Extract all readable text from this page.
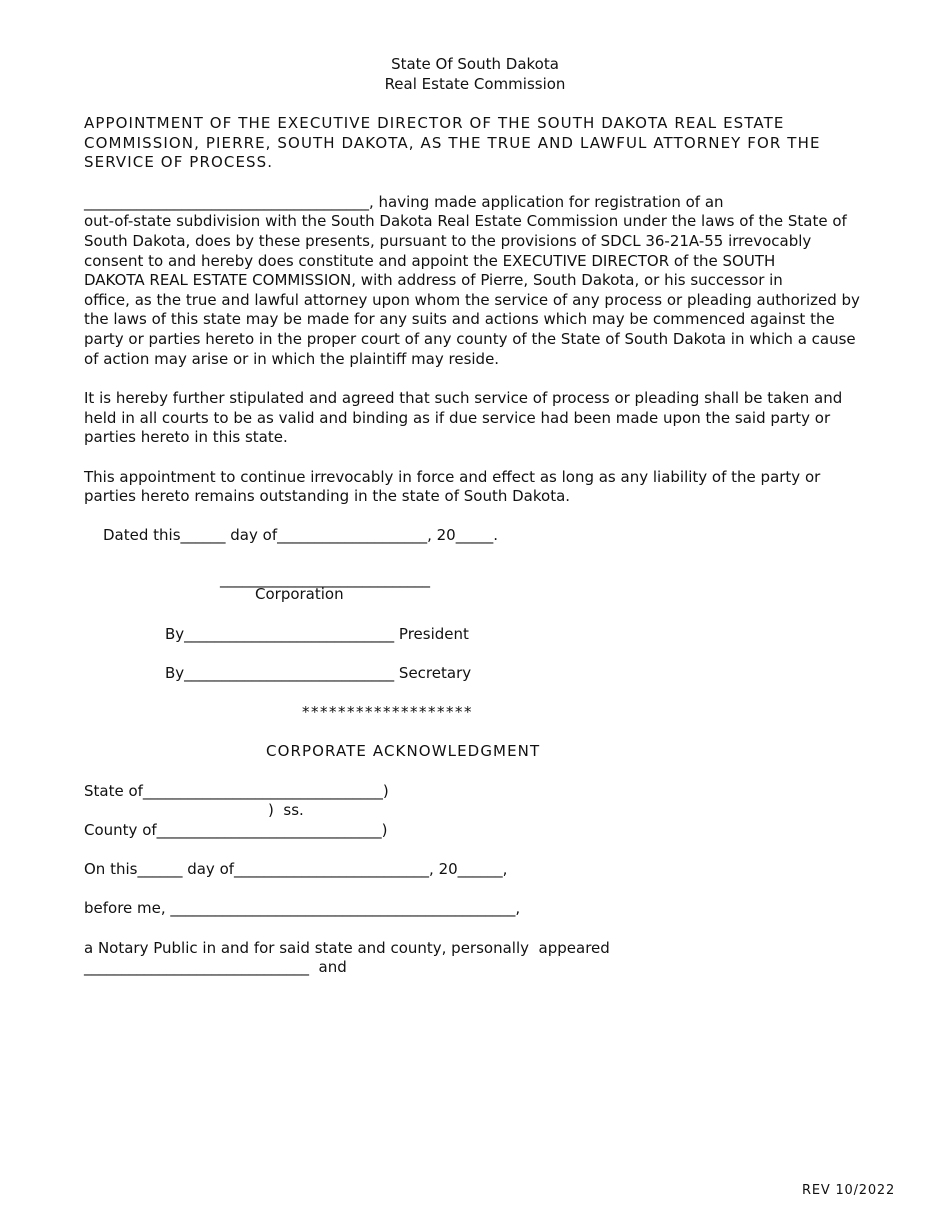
State Of South Dakota
Real Estate Commission
APPOINTMENT OF THE EXECUTIVE DIRECTOR OF THE SOUTH DAKOTA REAL ESTATE
COMMISSION, PIERRE, SOUTH DAKOTA, AS THE TRUE AND LAWFUL ATTORNEY FOR THE
SERVICE OF PROCESS.
______________________________________, having made application for registration of an
out-of-state subdivision with the South Dakota Real Estate Commission under the laws of the State of
South Dakota, does by these presents, pursuant to the provisions of SDCL 36-21A-55 irrevocably
consent to and hereby does constitute and appoint the EXECUTIVE DIRECTOR of the SOUTH
DAKOTA REAL ESTATE COMMISSION, with address of Pierre, South Dakota, or his successor in
office, as the true and lawful attorney upon whom the service of any process or pleading authorized by
the laws of this state may be made for any suits and actions which may be commenced against the
party or parties hereto in the proper court of any county of the State of South Dakota in which a cause
of action may arise or in which the plaintiff may reside.
It is hereby further stipulated and agreed that such service of process or pleading shall be taken and
held in all courts to be as valid and binding as if due service had been made upon the said party or
parties hereto in this state.
This appointment to continue irrevocably in force and effect as long as any liability of the party or
parties hereto remains outstanding in the state of South Dakota.
Dated this______ day of____________________, 20_____.
____________________________
Corporation
By____________________________ President
By____________________________ Secretary
*******************
CORPORATE ACKNOWLEDGMENT
State of________________________________)
)  ss.
County of______________________________)
On this______ day of__________________________, 20______,
before me, ______________________________________________,
a Notary Public in and for said state and county, personally  appeared
______________________________  and
REV 10/2022
